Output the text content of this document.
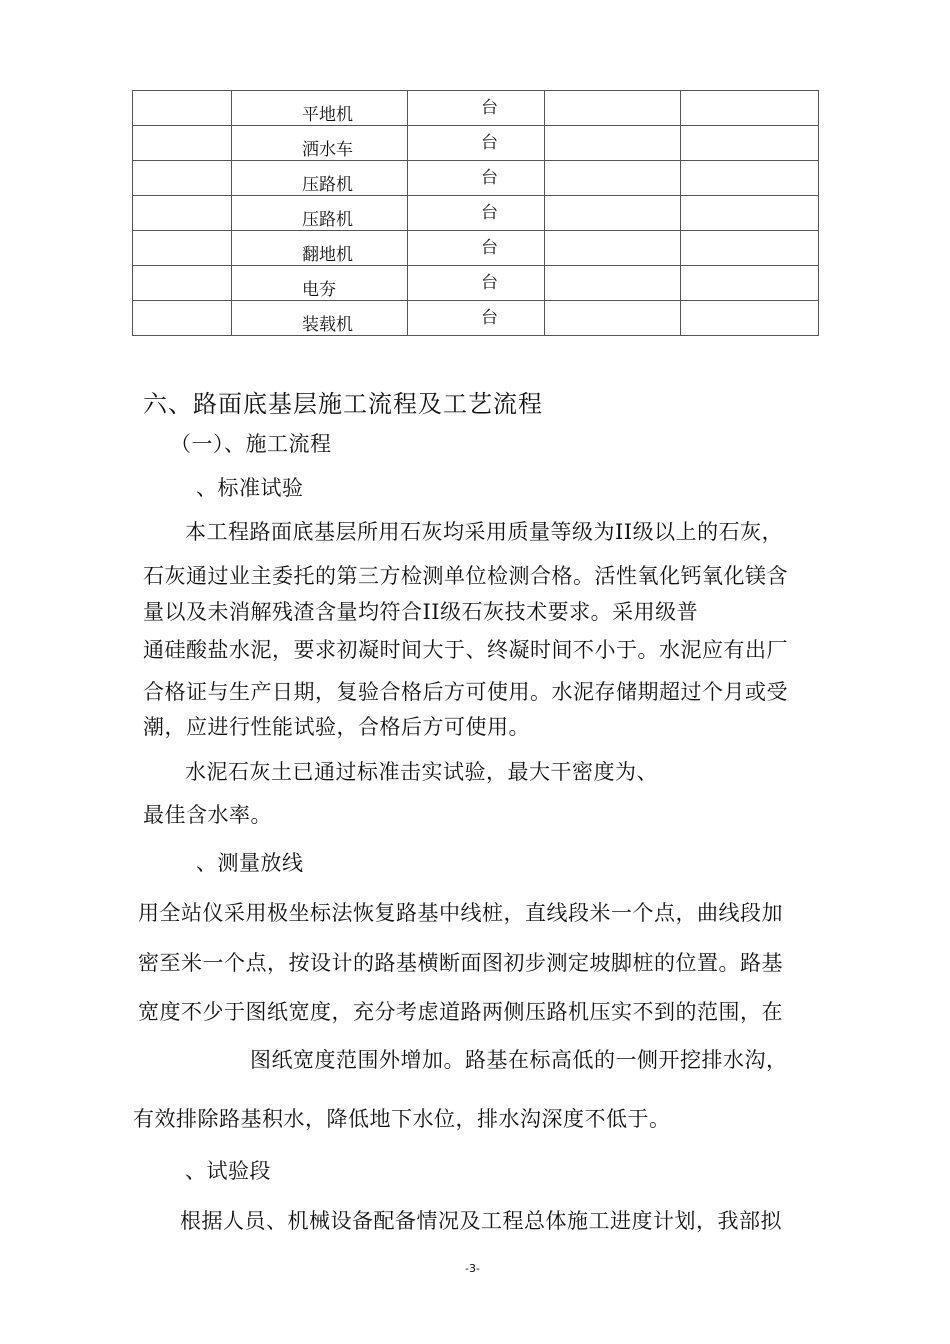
	平地机	台		
	洒水车	台		
	压路机	台		
	压路机	台		
	翻地机	台		
	电夯	台		
	装载机	台		
六、路面底基层施工流程及工艺流程
（一）、施工流程
、标准试验
本工程路面底基层所用石灰均采用质量等级为II级以上的石灰，
石灰通过业主委托的第三方检测单位检测合格。活性氧化钙氧化镁含
量以及未消解残渣含量均符合II级石灰技术要求。采用级普
通硅酸盐水泥，要求初凝时间大于、终凝时间不小于。水泥应有出厂
合格证与生产日期，复验合格后方可使用。水泥存储期超过个月或受
潮，应进行性能试验，合格后方可使用。
水泥石灰土已通过标准击实试验，最大干密度为、
最佳含水率。
、测量放线
用全站仪采用极坐标法恢复路基中线桩，直线段米一个点，曲线段加
密至米一个点，按设计的路基横断面图初步测定坡脚桩的位置。路基
宽度不少于图纸宽度，充分考虑道路两侧压路机压实不到的范围，在
图纸宽度范围外增加。路基在标高低的一侧开挖排水沟，
有效排除路基积水，降低地下水位，排水沟深度不低于。
、试验段
根据人员、机械设备配备情况及工程总体施工进度计划，我部拟
-3-
